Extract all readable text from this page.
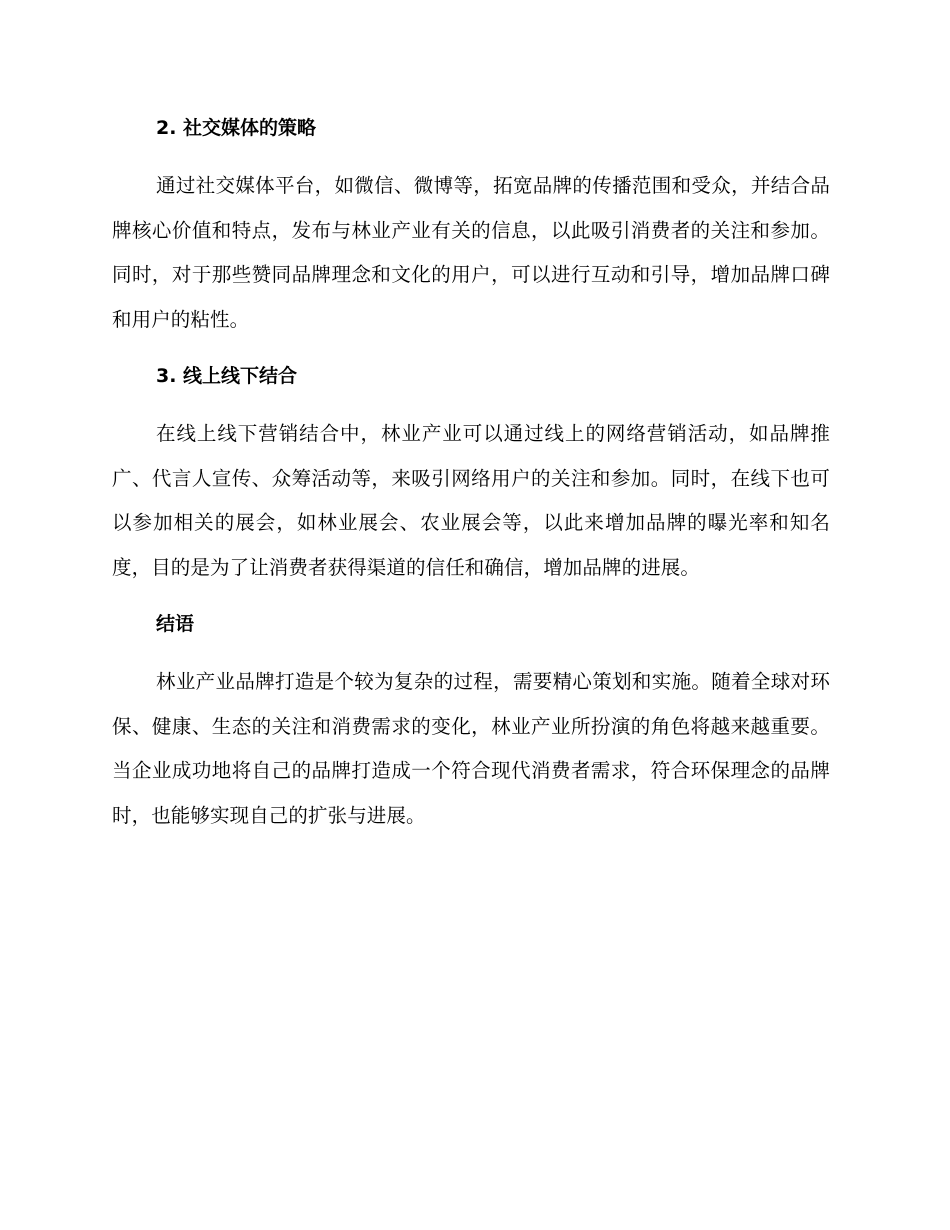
2. 社交媒体的策略

通过社交媒体平台，如微信、微博等，拓宽品牌的传播范围和受众，并结合品牌核心价值和特点，发布与林业产业有关的信息，以此吸引消费者的关注和参加。同时，对于那些赞同品牌理念和文化的用户，可以进行互动和引导，增加品牌口碑和用户的粘性。

3. 线上线下结合

在线上线下营销结合中，林业产业可以通过线上的网络营销活动，如品牌推广、代言人宣传、众筹活动等，来吸引网络用户的关注和参加。同时，在线下也可以参加相关的展会，如林业展会、农业展会等，以此来增加品牌的曝光率和知名度，目的是为了让消费者获得渠道的信任和确信，增加品牌的进展。

结语

林业产业品牌打造是个较为复杂的过程，需要精心策划和实施。随着全球对环保、健康、生态的关注和消费需求的变化，林业产业所扮演的角色将越来越重要。当企业成功地将自己的品牌打造成一个符合现代消费者需求，符合环保理念的品牌时，也能够实现自己的扩张与进展。
